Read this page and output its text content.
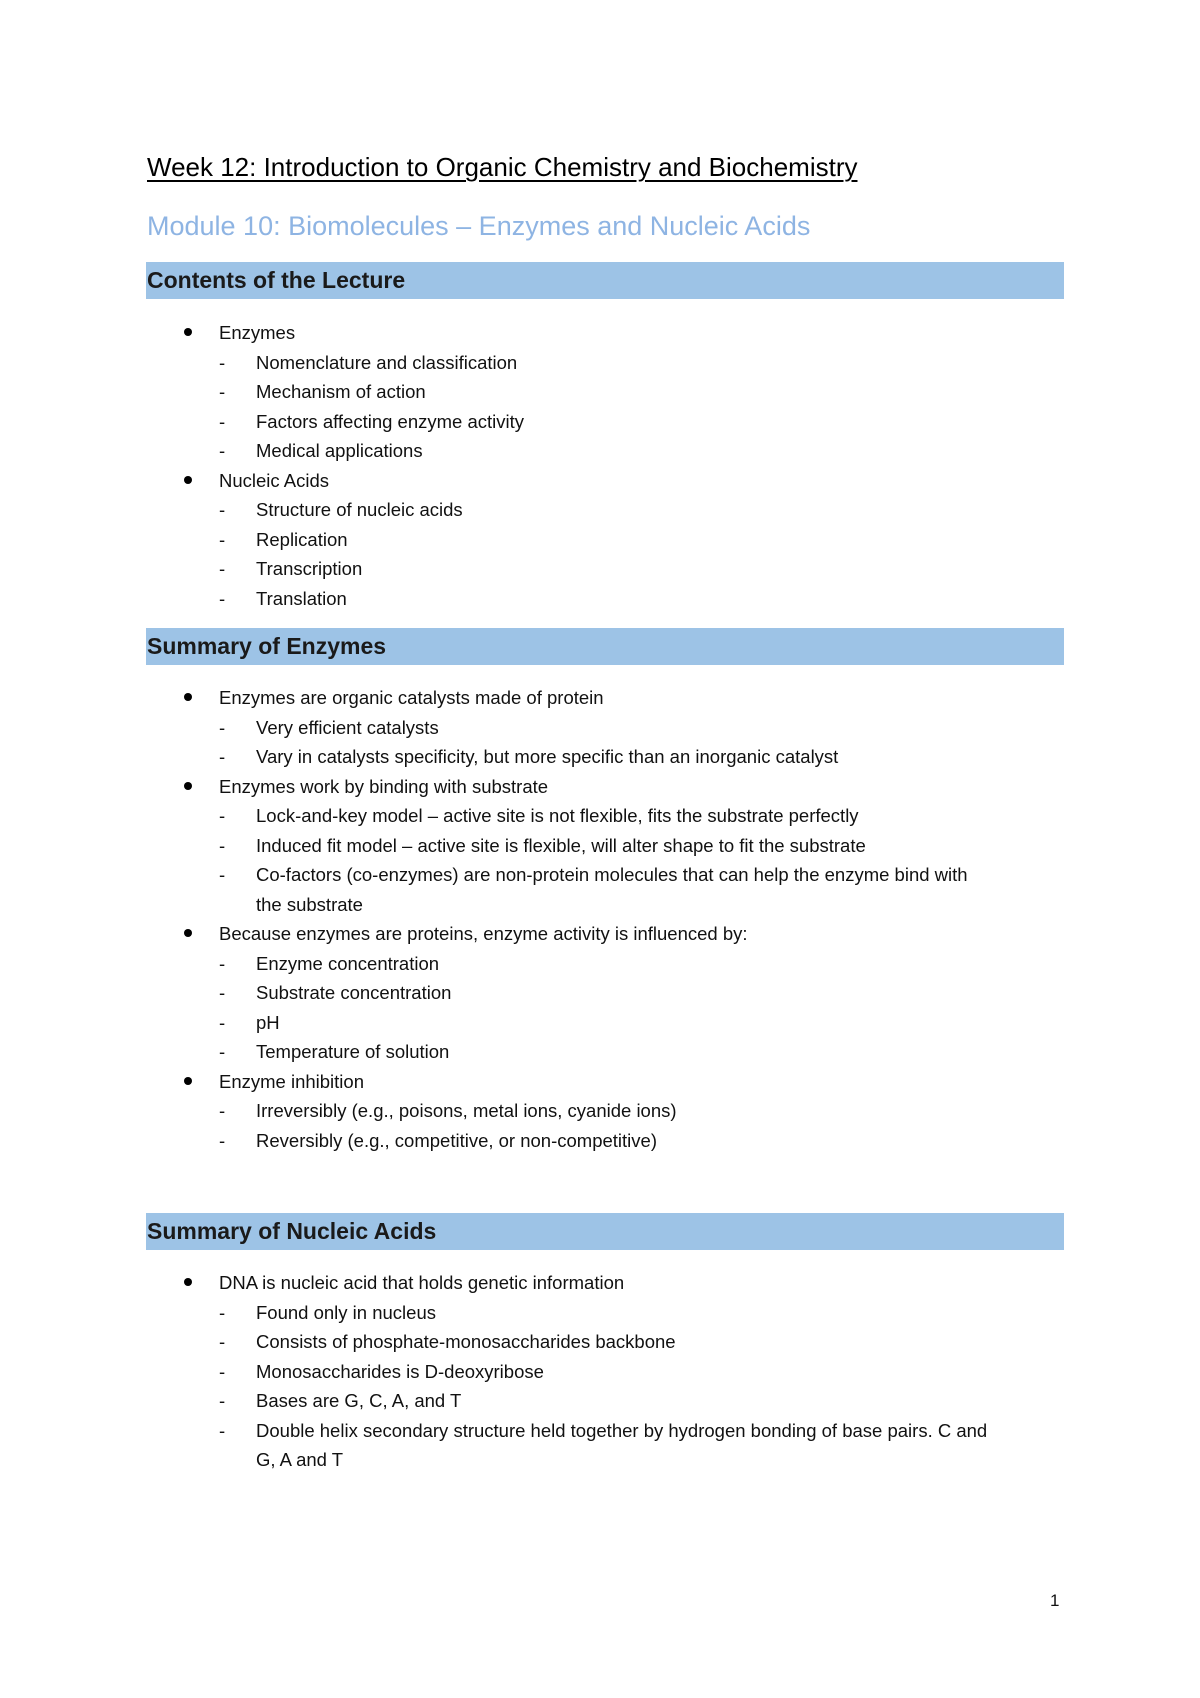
Week 12: Introduction to Organic Chemistry and Biochemistry
Module 10: Biomolecules – Enzymes and Nucleic Acids
Contents of the Lecture
Enzymes
- Nomenclature and classification
- Mechanism of action
- Factors affecting enzyme activity
- Medical applications
Nucleic Acids
- Structure of nucleic acids
- Replication
- Transcription
- Translation
Summary of Enzymes
Enzymes are organic catalysts made of protein
- Very efficient catalysts
- Vary in catalysts specificity, but more specific than an inorganic catalyst
Enzymes work by binding with substrate
- Lock-and-key model – active site is not flexible, fits the substrate perfectly
- Induced fit model – active site is flexible, will alter shape to fit the substrate
- Co-factors (co-enzymes) are non-protein molecules that can help the enzyme bind with
the substrate
Because enzymes are proteins, enzyme activity is influenced by:
- Enzyme concentration
- Substrate concentration
- pH
- Temperature of solution
Enzyme inhibition
- Irreversibly (e.g., poisons, metal ions, cyanide ions)
- Reversibly (e.g., competitive, or non-competitive)
Summary of Nucleic Acids
DNA is nucleic acid that holds genetic information
- Found only in nucleus
- Consists of phosphate-monosaccharides backbone
- Monosaccharides is D-deoxyribose
- Bases are G, C, A, and T
- Double helix secondary structure held together by hydrogen bonding of base pairs. C and
G, A and T
1
